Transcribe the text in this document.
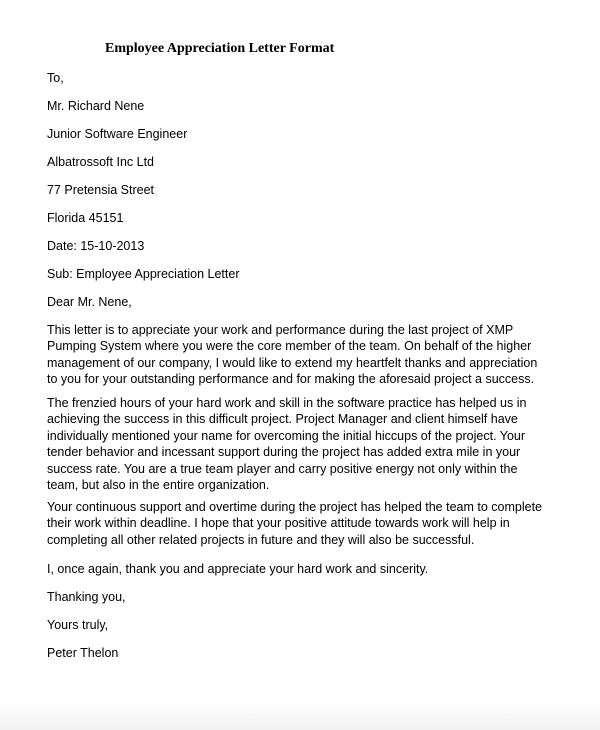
Employee Appreciation Letter Format
To,
Mr. Richard Nene
Junior Software Engineer
Albatrossoft Inc Ltd
77 Pretensia Street
Florida 45151
Date: 15-10-2013
Sub: Employee Appreciation Letter
Dear Mr. Nene,
This letter is to appreciate your work and performance during the last project of XMP
Pumping System where you were the core member of the team. On behalf of the higher
management of our company, I would like to extend my heartfelt thanks and appreciation
to you for your outstanding performance and for making the aforesaid project a success.
The frenzied hours of your hard work and skill in the software practice has helped us in
achieving the success in this difficult project. Project Manager and client himself have
individually mentioned your name for overcoming the initial hiccups of the project. Your
tender behavior and incessant support during the project has added extra mile in your
success rate. You are a true team player and carry positive energy not only within the
team, but also in the entire organization.
Your continuous support and overtime during the project has helped the team to complete
their work within deadline. I hope that your positive attitude towards work will help in
completing all other related projects in future and they will also be successful.
I, once again, thank you and appreciate your hard work and sincerity.
Thanking you,
Yours truly,
Peter Thelon
